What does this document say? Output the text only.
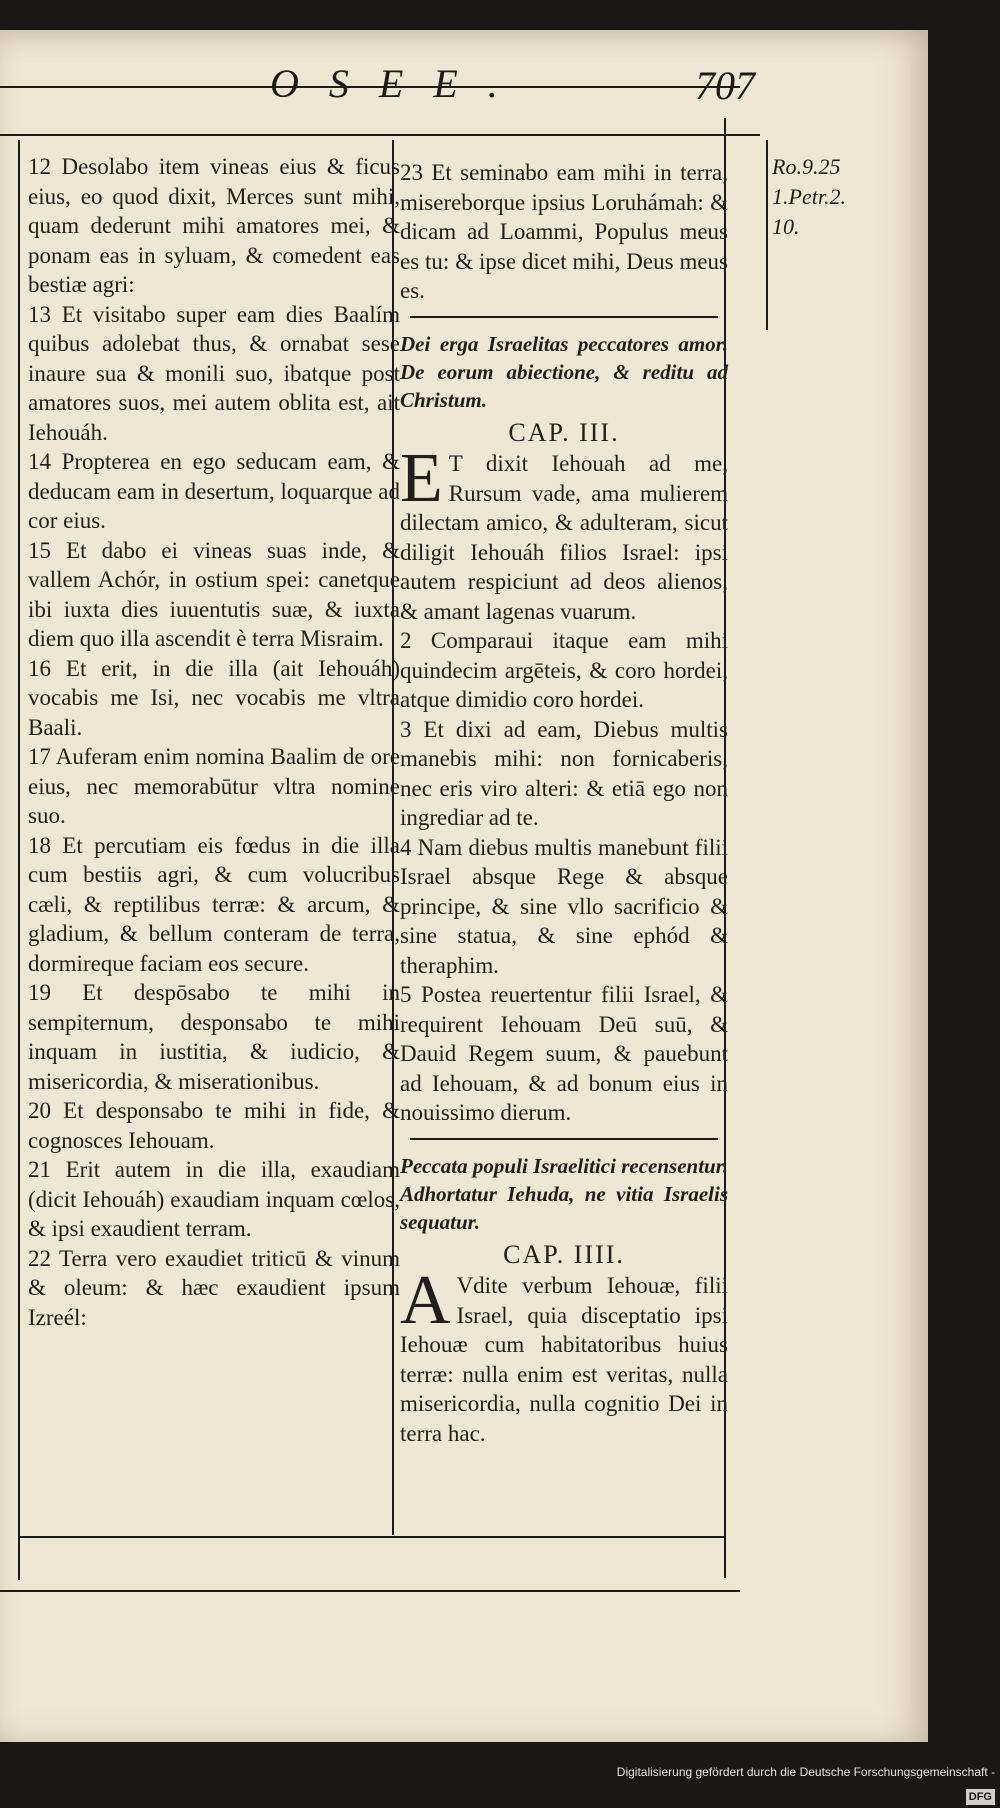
OSEE.	707
Ro.9.25
1.Petr.2.
10.

12 Desolabo item vineas eius & ficus eius, eo quod dixit, Merces sunt mihi, quam dederunt mihi amatores mei, & ponam eas in syluam, & comedent eas bestiæ agri:

13 Et visitabo super eam dies Baalím quibus adolebat thus, & ornabat sese inaure sua & monili suo, ibatque post amatores suos, mei autem oblita est, ait Iehouáh.

14 Propterea en ego seducam eam, & deducam eam in desertum, loquarque ad cor eius.

15 Et dabo ei vineas suas inde, & vallem Achór, in ostium spei: canetque ibi iuxta dies iuuentutis suæ, & iuxta diem quo illa ascendit è terra Misraim.

16 Et erit, in die illa (ait Iehouáh) vocabis me Isi, nec vocabis me vltra Baali.

17 Auferam enim nomina Baalim de ore eius, nec memorabūtur vltra nomine suo.

18 Et percutiam eis fœdus in die illa cum bestiis agri, & cum volucribus cæli, & reptilibus terræ: & arcum, & gladium, & bellum conteram de terra, dormireque faciam eos secure.

19 Et despōsabo te mihi in sempiternum, desponsabo te mihi inquam in iustitia, & iudicio, & misericordia, & miserationibus.

20 Et desponsabo te mihi in fide, & cognosces Iehouam.

21 Erit autem in die illa, exaudiam (dicit Iehouáh) exaudiam inquam cœlos, & ipsi exaudient terram.

22 Terra vero exaudiet triticū & vinum & oleum: & hæc exaudient ipsum Izreél:

23 Et seminabo eam mihi in terra, misereborque ipsius Loruhámah: & dicam ad Loammi, Populus meus es tu: & ipse dicet mihi, Deus meus es.

Dei erga Israelitas peccatores amor. De eorum abiectione, & reditu ad Christum.

CAP. III.

E T dixit Iehouah ad me, Rursum vade, ama mulierem dilectam amico, & adulteram, sicut diligit Iehouáh filios Israel: ipsi autem respiciunt ad deos alienos, & amant lagenas vuarum.

2 Comparaui itaque eam mihi quindecim argēteis, & coro hordei, atque dimidio coro hordei.

3 Et dixi ad eam, Diebus multis manebis mihi: non fornicaberis, nec eris viro alteri: & etiā ego non ingrediar ad te.

4 Nam diebus multis manebunt filii Israel absque Rege & absque principe, & sine vllo sacrificio & sine statua, & sine ephód & theraphim.

5 Postea reuertentur filii Israel, & requirent Iehouam Deū suū, & Dauid Regem suum, & pauebunt ad Iehouam, & ad bonum eius in nouissimo dierum.

Peccata populi Israelitici recensentur. Adhortatur Iehuda, ne vitia Israelis sequatur.

CAP. IIII.

A Vdite verbum Iehouæ, filii Israel, quia disceptatio ipsi Iehouæ cum habitatoribus huius terræ: nulla enim est veritas, nulla misericordia, nulla cognitio Dei in terra hac.

Digitalisierung gefördert durch die Deutsche Forschungsgemeinschaft -DFG
